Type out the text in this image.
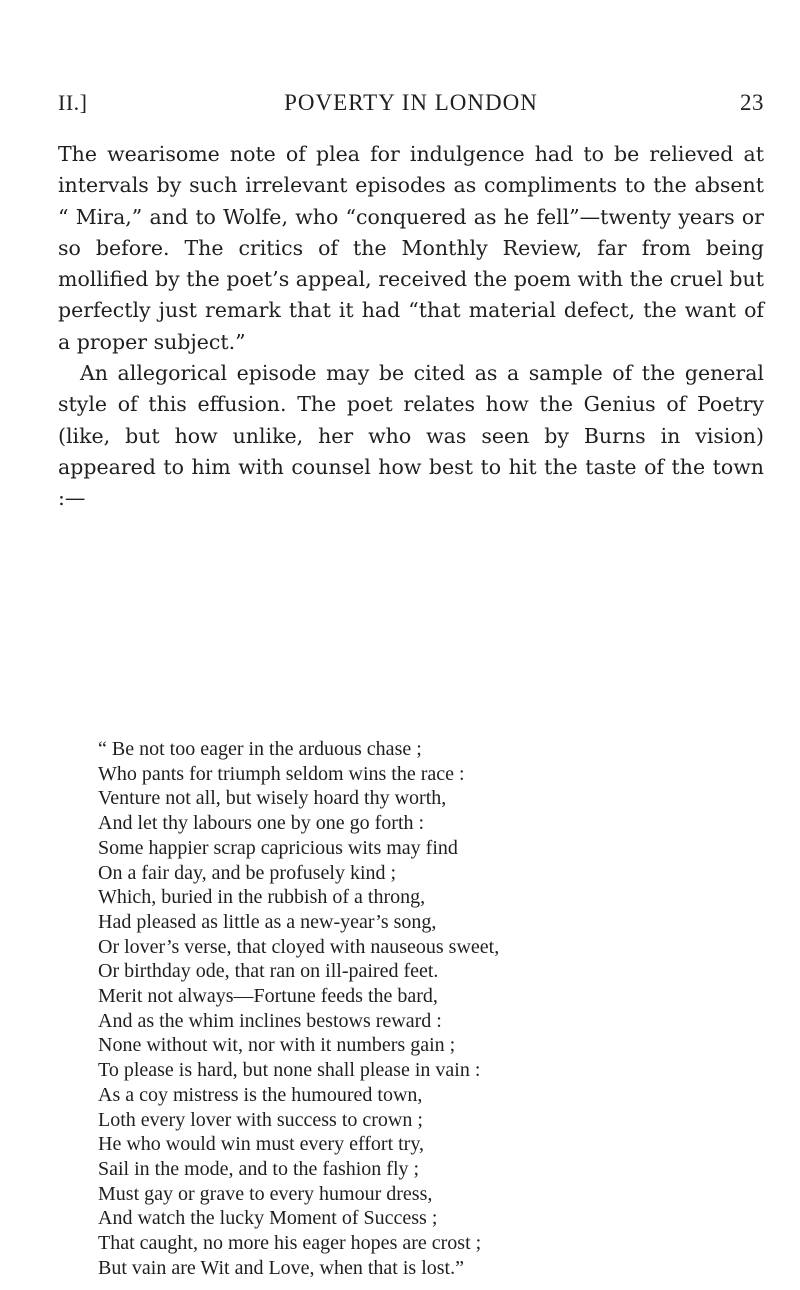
II.]	POVERTY IN LONDON	23

The wearisome note of plea for indulgence had to be relieved at intervals by such irrelevant episodes as compliments to the absent “ Mira,” and to Wolfe, who “conquered as he fell”—twenty years or so before. The critics of the Monthly Review, far from being mollified by the poet’s appeal, received the poem with the cruel but perfectly just remark that it had “that material defect, the want of a proper subject.”

An allegorical episode may be cited as a sample of the general style of this effusion. The poet relates how the Genius of Poetry (like, but how unlike, her who was seen by Burns in vision) appeared to him with counsel how best to hit the taste of the town :—

“ Be not too eager in the arduous chase ;
Who pants for triumph seldom wins the race :
Venture not all, but wisely hoard thy worth,
And let thy labours one by one go forth :
Some happier scrap capricious wits may find
On a fair day, and be profusely kind ;
Which, buried in the rubbish of a throng,
Had pleased as little as a new-year’s song,
Or lover’s verse, that cloyed with nauseous sweet,
Or birthday ode, that ran on ill-paired feet.
Merit not always—Fortune feeds the bard,
And as the whim inclines bestows reward :
None without wit, nor with it numbers gain ;
To please is hard, but none shall please in vain :
As a coy mistress is the humoured town,
Loth every lover with success to crown ;
He who would win must every effort try,
Sail in the mode, and to the fashion fly ;
Must gay or grave to every humour dress,
And watch the lucky Moment of Success ;
That caught, no more his eager hopes are crost ;
But vain are Wit and Love, when that is lost.”
